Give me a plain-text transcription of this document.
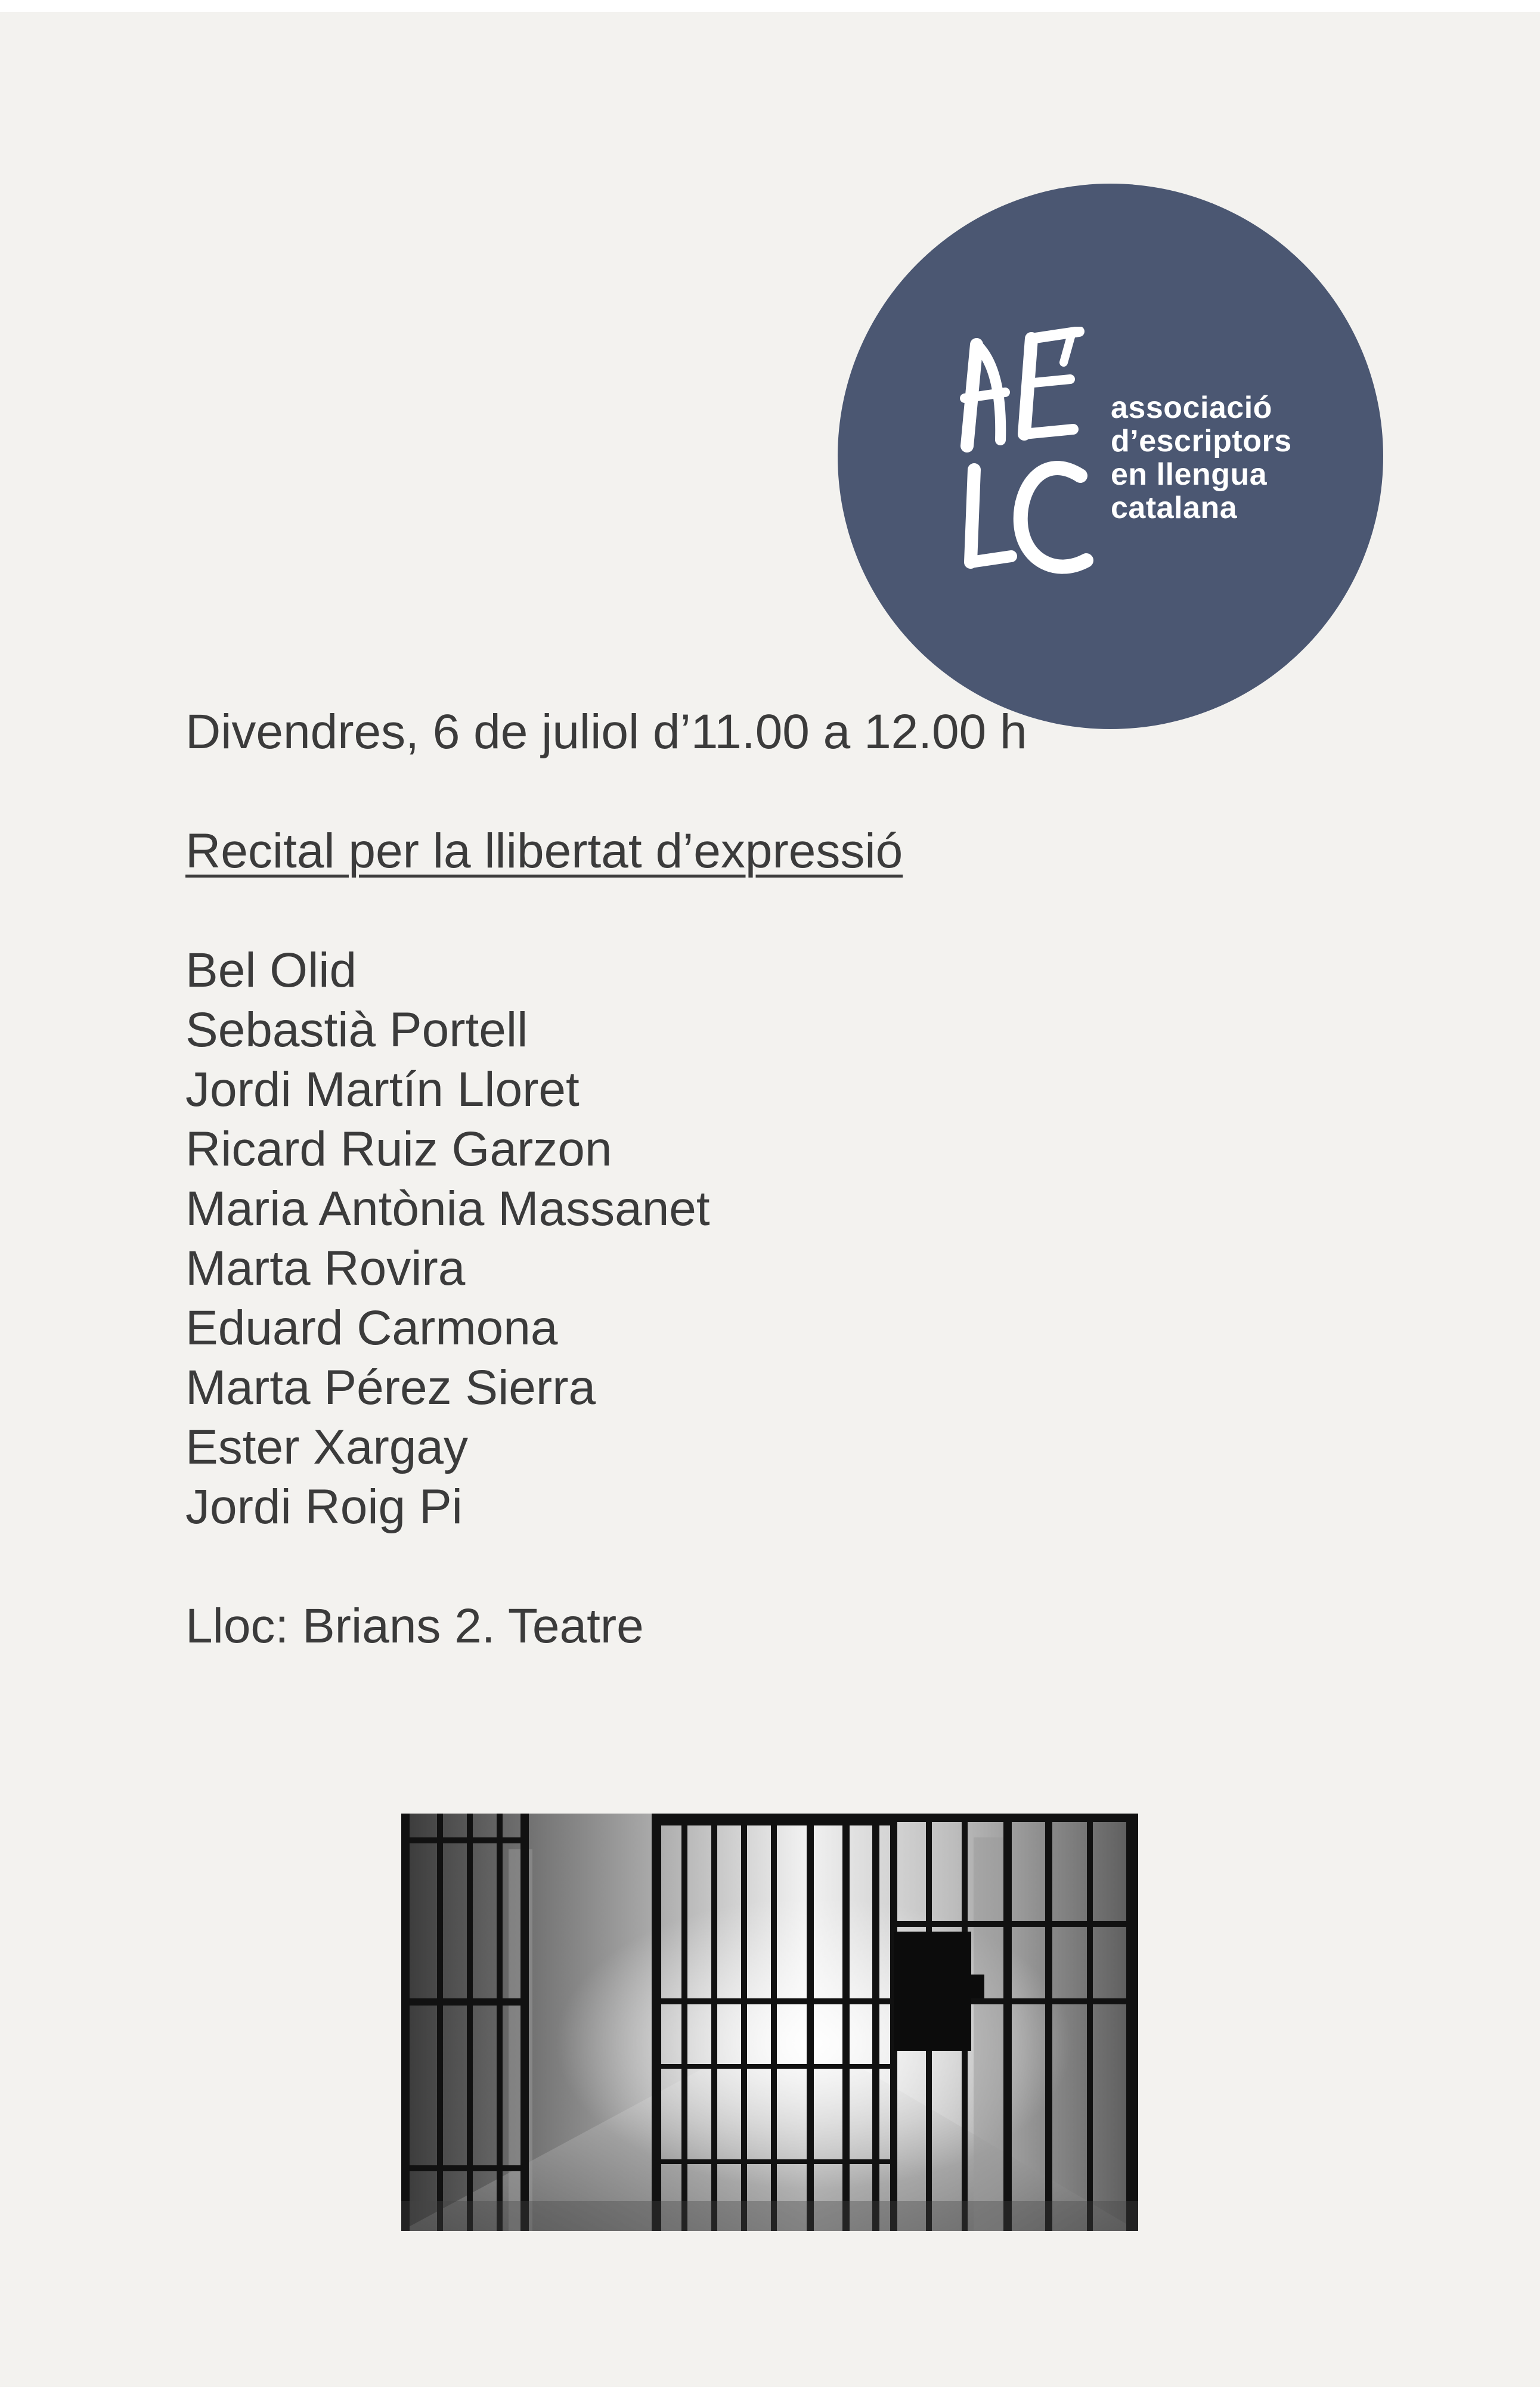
associació
d’escriptors
en llengua
catalana
Divendres, 6 de juliol d’11.00 a 12.00 h
Recital per la llibertat d’expressió
Bel Olid
Sebastià Portell
Jordi Martín Lloret
Ricard Ruiz Garzon
Maria Antònia Massanet
Marta Rovira
Eduard Carmona
Marta Pérez Sierra
Ester Xargay
Jordi Roig Pi
Lloc: Brians 2. Teatre
